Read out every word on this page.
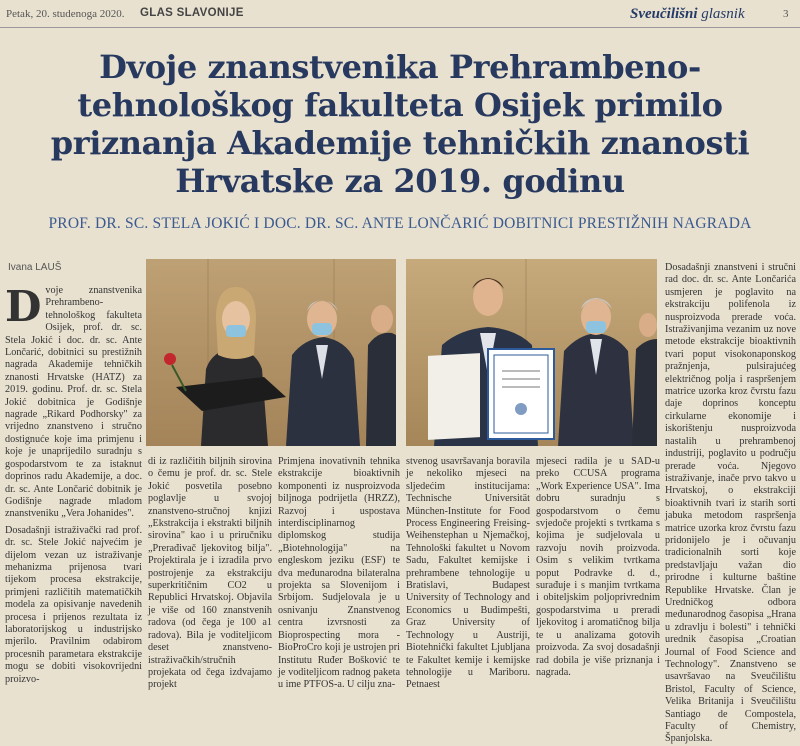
Petak, 20. studenoga 2020. GLAS SLAVONIJE	Sveučilišni glasnik	3
Dvoje znanstvenika Prehrambeno-tehnološkog fakulteta Osijek primilo priznanja Akademije tehničkih znanosti Hrvatske za 2019. godinu
PROF. DR. SC. STELA JOKIĆ I DOC. DR. SC. ANTE LONČARIĆ DOBITNICI PRESTIŽNIH NAGRADA
Ivana LAUŠ
D voje znanstvenika Prehrambeno-tehnološkog fakulteta Osijek, prof. dr. sc. Stela Jokić i doc. dr. sc. Ante Lončarić, dobitnici su prestižnih nagrada Akademije tehničkih znanosti Hrvatske (HATZ) za 2019. godinu. Prof. dr. sc. Stela Jokić dobitnica je Godišnje nagrade „Rikard Podhorsky" za vrijedno znanstveno i stručno dostignuće koje ima primjenu i koje je unaprijedilo suradnju s gospodarstvom te za istaknut doprinos radu Akademije, a doc. dr. sc. Ante Lončarić dobitnik je Godišnje nagrade mladom znanstveniku „Vera Johanides".
Dosadašnji istraživački rad prof. dr. sc. Stele Jokić najvećim je dijelom vezan uz istraživanje mehanizma prijenosa tvari tijekom procesa ekstrakcije, primjeni različitih matematičkih modela za opisivanje navedenih procesa i prijenos rezultata iz laboratorijskog u industrijsko mjerilo. Pravilnim odabirom procesnih parametara ekstrakcije mogu se dobiti visokovrijedni proizvo-
di iz različitih biljnih sirovina o čemu je prof. dr. sc. Stele Jokić posvetila posebno poglavlje u svojoj znanstveno-stručnoj knjizi „Ekstrakcija i ekstrakti biljnih sirovina" kao i u priručniku „Prerađivač ljekovitog bilja". Projektirala je i izradila prvo postrojenje za ekstrakciju superkritičnim CO2 u Republici Hrvatskoj. Objavila je više od 160 znanstvenih radova (od čega je 100 a1 radova). Bila je voditeljicom deset znanstveno-istraživačkih/stručnih projekata od čega izdvajamo projekt
Primjena inovativnih tehnika ekstrakcije bioaktivnih komponenti iz nusproizvoda biljnoga podrijetla (HRZZ), Razvoj i uspostava interdisciplinarnog diplomskog studija „Biotehnologija" na engleskom jeziku (ESF) te dva međunarodna bilateralna projekta sa Slovenijom i Srbijom. Sudjelovala je u osnivanju Znanstvenog centra izvrsnosti za Bioprospecting mora - BioProCro koji je ustrojen pri Institutu Ruđer Bošković te je voditeljicom radnog paketa u ime PTFOS-a. U cilju zna-
stvenog usavršavanja boravila je nekoliko mjeseci na sljedećim institucijama: Technische Universität München-Institute for Food Process Engineering Freising-Weihenstephan u Njemačkoj, Tehnološki fakultet u Novom Sadu, Fakultet kemijske i prehrambene tehnologije u Bratislavi, Budapest University of Technology and Economics u Budimpešti, Graz University of Technology u Austriji, Biotehnički fakultet Ljubljana te Fakultet kemije i kemijske tehnologije u Mariboru. Petnaest
mjeseci radila je u SAD-u preko CCUSA programa „Work Experience USA". Ima dobru suradnju s gospodarstvom o čemu svjedoče projekti s tvrtkama s kojima je sudjelovala u razvoju novih proizvoda. Osim s velikim tvrtkama poput Podravke d. d., surađuje i s manjim tvrtkama i obiteljskim poljoprivrednim gospodarstvima u preradi ljekovitog i aromatičnog bilja te u analizama gotovih proizvoda. Za svoj dosadašnji rad dobila je više priznanja i nagrada.
Dosadašnji znanstveni i stručni rad doc. dr. sc. Ante Lončarića usmjeren je poglavito na ekstrakciju polifenola iz nusproizvoda prerade voća. Istraživanjima vezanim uz nove metode ekstrakcije bioaktivnih tvari poput visokonaponskog pražnjenja, pulsirajućeg električnog polja i raspršenjem matrice uzorka kroz čvrstu fazu daje doprinos konceptu cirkularne ekonomije i iskorištenju nusproizvoda nastalih u prehrambenoj industriji, poglavito u području prerade voća. Njegovo istraživanje, inače prvo takvo u Hrvatskoj, o ekstrakciji bioaktivnih tvari iz starih sorti jabuka metodom raspršenja matrice uzorka kroz čvrstu fazu pridonijelo je i očuvanju tradicionalnih sorti koje predstavljaju važan dio prirodne i kulturne baštine Republike Hrvatske. Član je Uredničkog odbora međunarodnog časopisa „Hrana u zdravlju i bolesti" i tehnički urednik časopisa „Croatian Journal of Food Science and Technology". Znanstveno se usavršavao na Sveučilištu Bristol, Faculty of Science, Velika Britanija i Sveučilištu Santiago de Compostela, Faculty of Chemistry, Španjolska.
